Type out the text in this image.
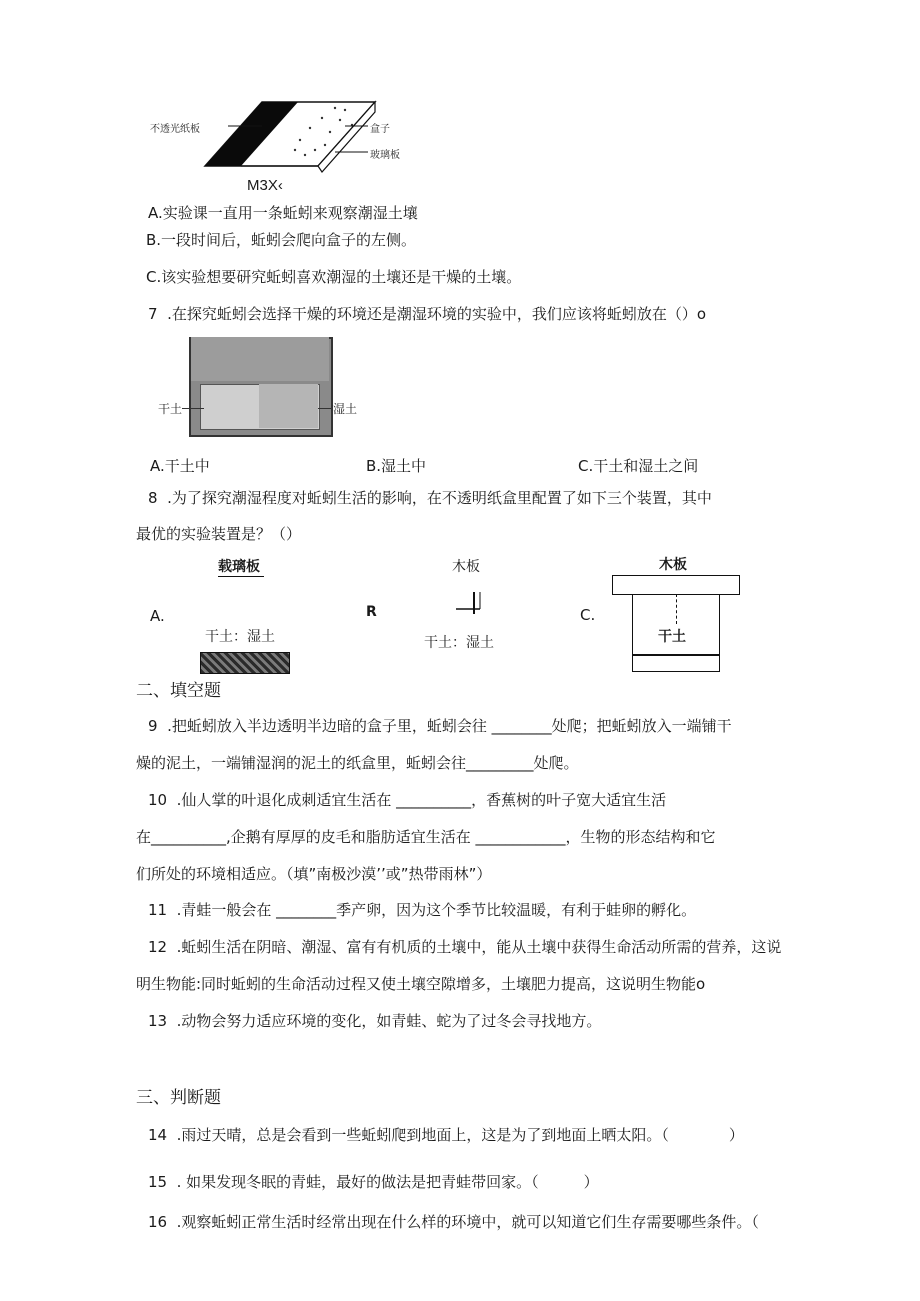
不透光纸板	盒子
玻璃板
M3X‹
A.实验课一直用一条蚯蚓来观察潮湿土壤
B.一段时间后，蚯蚓会爬向盒子的左侧。
C.该实验想要研究蚯蚓喜欢潮湿的土壤还是干燥的土壤。
7 .在探究蚯蚓会选择干燥的环境还是潮湿环境的实验中，我们应该将蚯蚓放在（）o
干土	湿土
A.干土中	B.湿土中	C.干土和湿土之间
8 .为了探究潮湿程度对蚯蚓生活的影响，在不透明纸盒里配置了如下三个装置，其中
最优的实验装置是？（）
载璃板
A.
干土：湿土
R
木板
干土：湿土
C.
木板
干土
二、填空题
9 .把蚯蚓放入半边透明半边暗的盒子里，蚯蚓会往 ________处爬；把蚯蚓放入一端铺干
燥的泥土，一端铺湿润的泥土的纸盒里，蚯蚓会往_________处爬。
10 .仙人掌的叶退化成刺适宜生活在 __________，香蕉树的叶子宽大适宜生活
在__________,企鹅有厚厚的皮毛和脂肪适宜生活在 ____________，生物的形态结构和它
们所处的环境相适应。（填”南极沙漠’’或”热带雨林”）
11 .青蛙一般会在 ________季产卵，因为这个季节比较温暖，有利于蛙卵的孵化。
12 .蚯蚓生活在阴暗、潮湿、富有有机质的土壤中，能从土壤中获得生命活动所需的营养，这说
明生物能:同时蚯蚓的生命活动过程又使土壤空隙增多，土壤肥力提高，这说明生物能o
13 .动物会努力适应环境的变化，如青蛙、蛇为了过冬会寻找地方。
三、判断题
14 .雨过天晴，总是会看到一些蚯蚓爬到地面上，这是为了到地面上晒太阳。（　　　　）
15 . 如果发现冬眠的青蛙，最好的做法是把青蛙带回家。（　　　）
16 .观察蚯蚓正常生活时经常出现在什么样的环境中，就可以知道它们生存需要哪些条件。（
